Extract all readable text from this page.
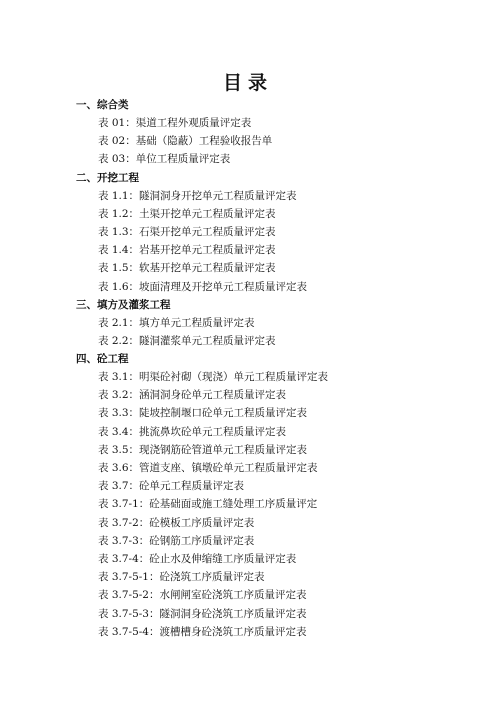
目录
一、综合类
表 01：渠道工程外观质量评定表
表 02：基础（隐蔽）工程验收报告单
表 03：单位工程质量评定表
二、开挖工程
表 1.1：隧洞洞身开挖单元工程质量评定表
表 1.2：土渠开挖单元工程质量评定表
表 1.3：石渠开挖单元工程质量评定表
表 1.4：岩基开挖单元工程质量评定表
表 1.5：软基开挖单元工程质量评定表
表 1.6：坡面清理及开挖单元工程质量评定表
三、填方及灌浆工程
表 2.1：填方单元工程质量评定表
表 2.2：隧洞灌浆单元工程质量评定表
四、砼工程
表 3.1：明渠砼衬砌（现浇）单元工程质量评定表
表 3.2：涵洞洞身砼单元工程质量评定表
表 3.3：陡坡控制堰口砼单元工程质量评定表
表 3.4：挑流鼻坎砼单元工程质量评定表
表 3.5：现浇钢筋砼管道单元工程质量评定表
表 3.6：管道支座、镇墩砼单元工程质量评定表
表 3.7：砼单元工程质量评定表
表 3.7-1：砼基础面或施工缝处理工序质量评定
表 3.7-2：砼模板工序质量评定表
表 3.7-3：砼钢筋工序质量评定表
表 3.7-4：砼止水及伸缩缝工序质量评定表
表 3.7-5-1：砼浇筑工序质量评定表
表 3.7-5-2：水闸闸室砼浇筑工序质量评定表
表 3.7-5-3：隧洞洞身砼浇筑工序质量评定表
表 3.7-5-4：渡槽槽身砼浇筑工序质量评定表
